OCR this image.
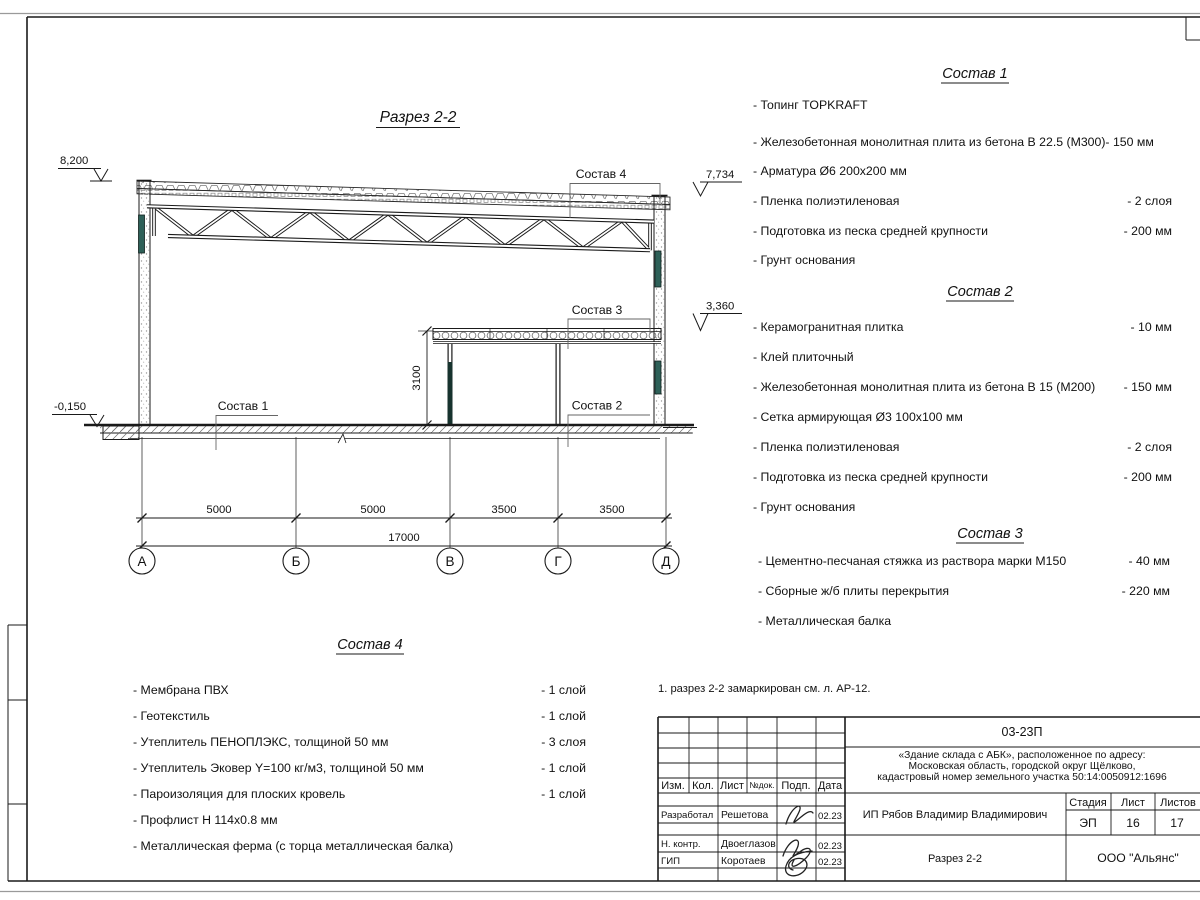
Разрез 2-2
8,200
7,734
3,360
-0,150
Состав 4
Состав 3
Состав 1	Состав 2
3100
5000	5000	3500	3500
17000
А	Б	В	Г	Д
Состав 1
- Топинг TOPKRAFT
- Железобетонная монолитная плита из бетона В 22.5 (М300)- 150 мм
- Арматура Ø6 200х200 мм
- Пленка полиэтиленовая	- 2 слоя
- Подготовка из песка средней крупности	- 200 мм
- Грунт основания
Состав 2
- Керамогранитная плитка	- 10 мм
- Клей плиточный
- Железобетонная монолитная плита из бетона В 15 (М200) - 150 мм
- Сетка армирующая Ø3 100х100 мм
- Пленка полиэтиленовая	- 2 слоя
- Подготовка из песка средней крупности	- 200 мм
- Грунт основания
Состав 3
- Цементно-песчаная стяжка из раствора марки М150	- 40 мм
- Сборные ж/б плиты перекрытия	- 220 мм
- Металлическая балка
Состав 4
- Мембрана ПВХ	- 1 слой
- Геотекстиль	- 1 слой
- Утеплитель ПЕНОПЛЭКС, толщиной 50 мм	- 3 слоя
- Утеплитель Эковер Y=100 кг/м3, толщиной 50 мм	- 1 слой
- Пароизоляция для плоских кровель	- 1 слой
- Профлист Н 114х0.8 мм
- Металлическая ферма (с торца металлическая балка)
1. разрез 2-2 замаркирован см. л. АР-12.
03-23П
«Здание склада с АБК», расположенное по адресу:
Московская область, городской округ Щёлково,
кадастровый номер земельного участка 50:14:0050912:1696
ИП Рябов Владимир Владимирович
Изм. Кол. Лист №док. Подп. Дата
Разработал Решетова	02.23
Н. контр. Двоеглазов	02.23
ГИП	Коротаев	02.23
Стадия Лист Листов
ЭП 16 17
Разрез 2-2	ООО "Альянс"
